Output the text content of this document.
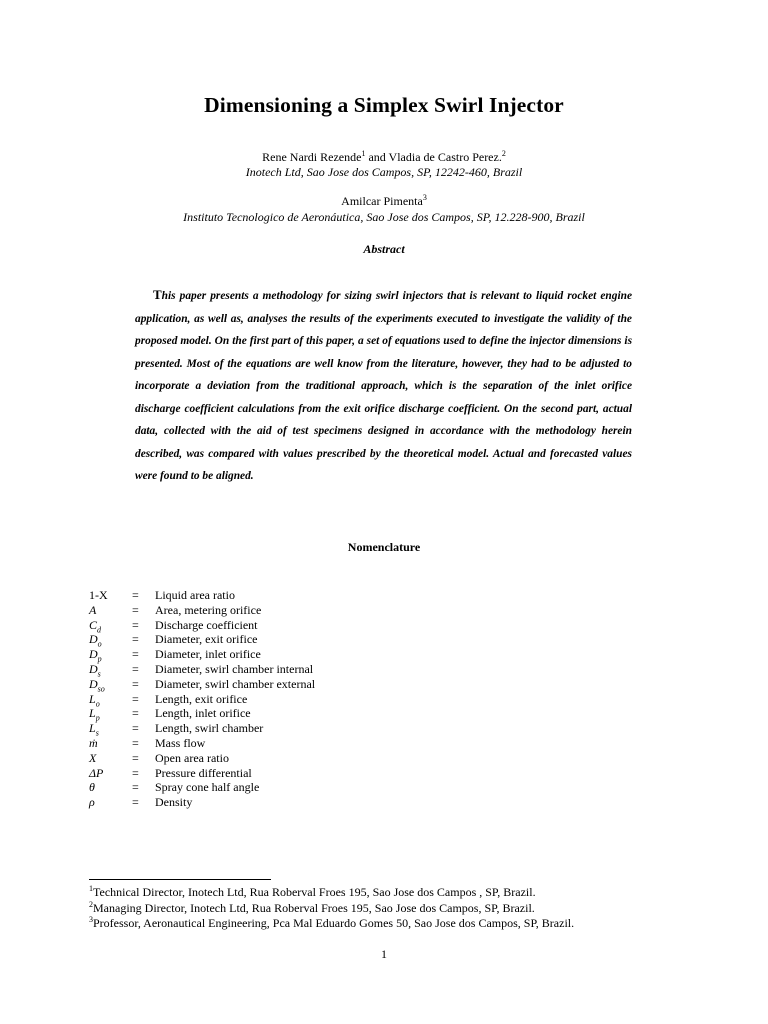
Dimensioning a Simplex Swirl Injector
Rene Nardi Rezende$^1$ and Vladia de Castro Perez.$^2$
Inotech Ltd, Sao Jose dos Campos, SP, 12242-460, Brazil
Amilcar Pimenta$^3$
Instituto Tecnologico de Aeronáutica, Sao Jose dos Campos, SP, 12.228-900, Brazil
Abstract
This paper presents a methodology for sizing swirl injectors that is relevant to liquid rocket engine application, as well as, analyses the results of the experiments executed to investigate the validity of the proposed model. On the first part of this paper, a set of equations used to define the injector dimensions is presented. Most of the equations are well know from the literature, however, they had to be adjusted to incorporate a deviation from the traditional approach, which is the separation of the inlet orifice discharge coefficient calculations from the exit orifice discharge coefficient. On the second part, actual data, collected with the aid of test specimens designed in accordance with the methodology herein described, was compared with values prescribed by the theoretical model. Actual and forecasted values were found to be aligned.
Nomenclature
1-X	=	Liquid area ratio
A	=	Area, metering orifice
$C_d$	=	Discharge coefficient
$D_o$	=	Diameter, exit orifice
$D_p$	=	Diameter, inlet orifice
$D_s$	=	Diameter, swirl chamber internal
$D_{so}$	=	Diameter, swirl chamber external
$L_o$	=	Length, exit orifice
$L_p$	=	Length, inlet orifice
$L_s$	=	Length, swirl chamber
ṁ	=	Mass flow
X	=	Open area ratio
ΔP	=	Pressure differential
θ	=	Spray cone half angle
ρ	=	Density
$^1$Technical Director, Inotech Ltd, Rua Roberval Froes 195, Sao Jose dos Campos , SP, Brazil.
$^2$Managing Director, Inotech Ltd, Rua Roberval Froes 195, Sao Jose dos Campos, SP, Brazil.
$^3$Professor, Aeronautical Engineering, Pca Mal Eduardo Gomes 50, Sao Jose dos Campos, SP, Brazil.
1
